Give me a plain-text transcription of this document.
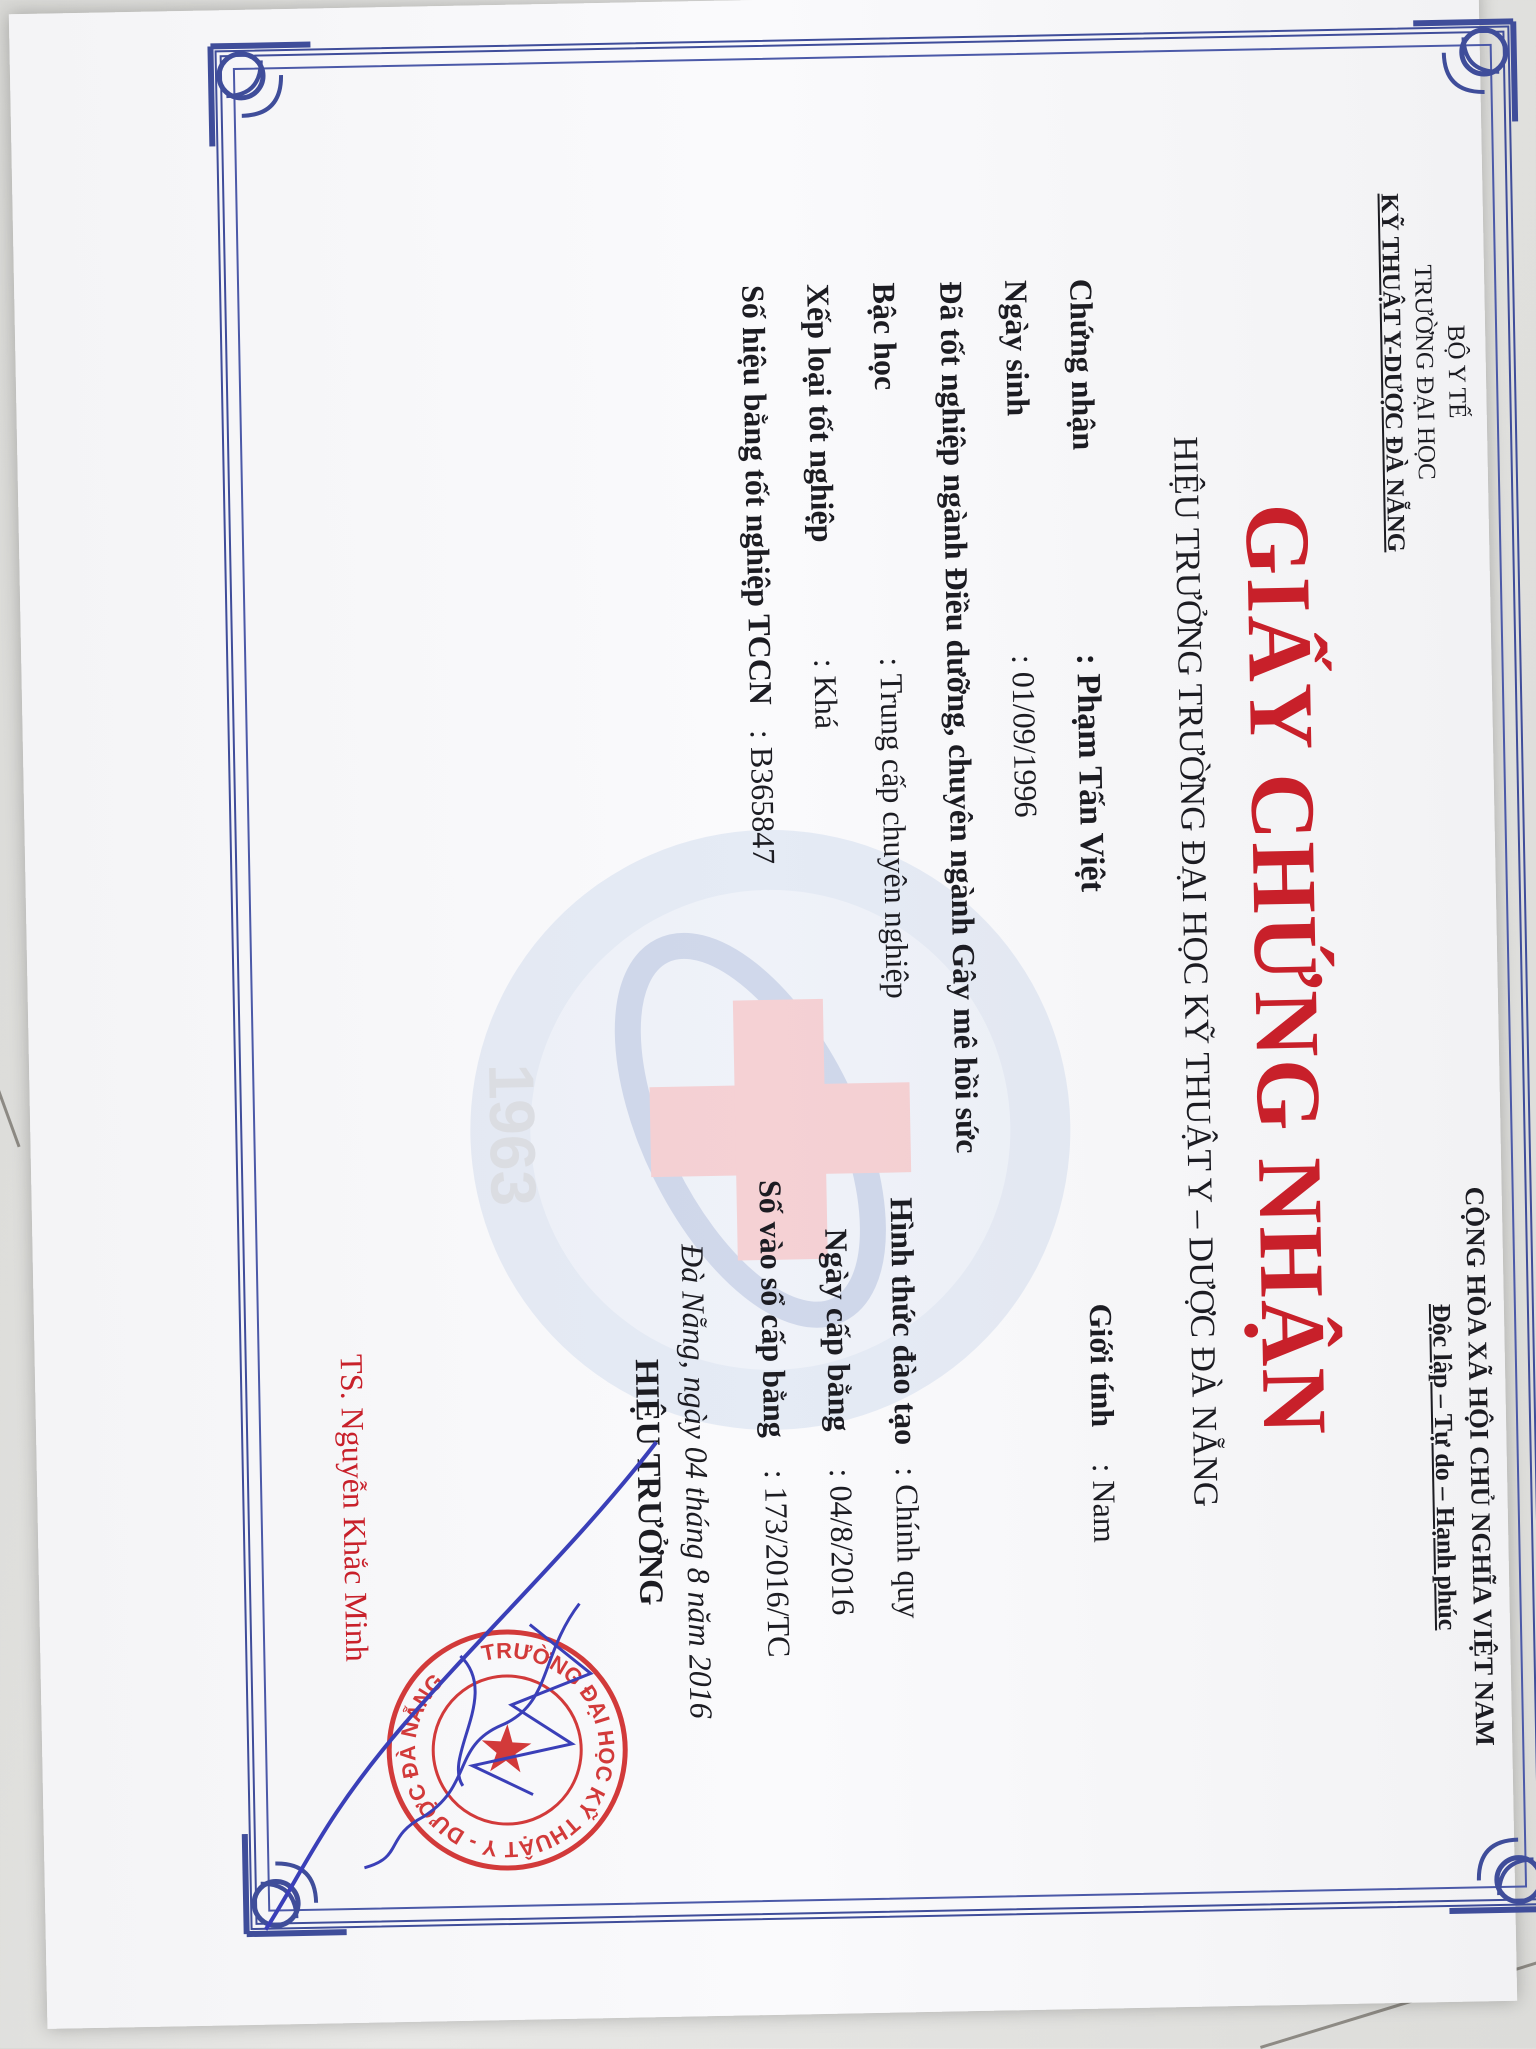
1963
BỘ Y TẾ
TRƯỜNG ĐẠI HỌC
KỸ THUẬT Y-DƯỢC ĐÀ NẴNG
CỘNG HÒA XÃ HỘI CHỦ NGHĨA VIỆT NAM
Độc lập – Tự do – Hạnh phúc
GIẤY CHỨNG NHẬN
HIỆU TRƯỞNG TRƯỜNG ĐẠI HỌC KỸ THUẬT Y – DƯỢC ĐÀ NẴNG
Chứng nhận
: Phạm Tấn Việt
Giới tính
: Nam
Ngày sinh
: 01/09/1996
Đã tốt nghiệp ngành Điều dưỡng, chuyên ngành Gây mê hồi sức
Bậc học
: Trung cấp chuyên nghiệp
Hình thức đào tạo
: Chính quy
Xếp loại tốt nghiệp
: Khá
Ngày cấp bằng
: 04/8/2016
Số hiệu bằng tốt nghiệp TCCN
: B365847
Số vào sổ cấp bằng
: 173/2016/TC
Đà Nẵng, ngày 04 tháng 8 năm 2016
HIỆU TRƯỞNG
TRƯỜNG ĐẠI HỌC KỸ THUẬT Y - DƯỢC ĐÀ NẴNG
TS. Nguyễn Khắc Minh
